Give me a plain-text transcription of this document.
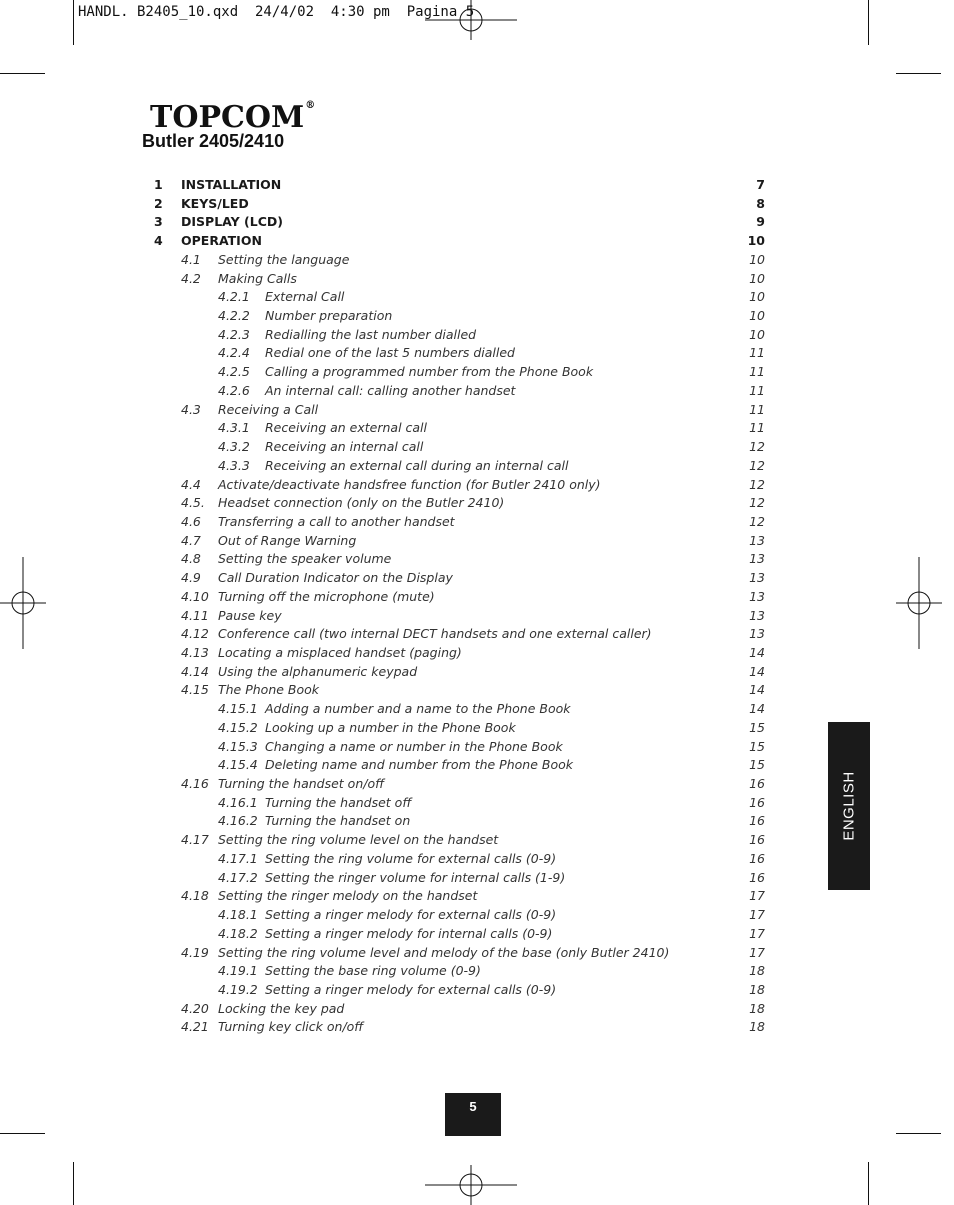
HANDL. B2405_10.qxd  24/4/02  4:30 pm  Pagina 5
TOPCOM®
Butler 2405/2410
1 INSTALLATION	7
2 KEYS/LED	8
3 DISPLAY (LCD)	9
4 OPERATION	10
4.1 Setting the language	10
4.2 Making Calls	10
4.2.1 External Call	10
4.2.2 Number preparation	10
4.2.3 Redialling the last number dialled	10
4.2.4 Redial one of the last 5 numbers dialled	11
4.2.5 Calling a programmed number from the Phone Book	11
4.2.6 An internal call: calling another handset	11
4.3 Receiving a Call	11
4.3.1 Receiving an external call	11
4.3.2 Receiving an internal call	12
4.3.3 Receiving an external call during an internal call	12
4.4 Activate/deactivate handsfree function (for Butler 2410 only)	12
4.5. Headset connection (only on the Butler 2410)	12
4.6 Transferring a call to another handset	12
4.7 Out of Range Warning	13
4.8 Setting the speaker volume	13
4.9 Call Duration Indicator on the Display	13
4.10 Turning off the microphone (mute)	13
4.11 Pause key	13
4.12 Conference call (two internal DECT handsets and one external caller)	13
4.13 Locating a misplaced handset (paging)	14
4.14 Using the alphanumeric keypad	14
4.15 The Phone Book	14
4.15.1 Adding a number and a name to the Phone Book	14
4.15.2 Looking up a number in the Phone Book	15
4.15.3 Changing a name or number in the Phone Book	15
4.15.4 Deleting name and number from the Phone Book	15
4.16 Turning the handset on/off	16
4.16.1 Turning the handset off	16
4.16.2 Turning the handset on	16
4.17 Setting the ring volume level on the handset	16
4.17.1 Setting the ring volume for external calls (0-9)	16
4.17.2 Setting the ringer volume for internal calls (1-9)	16
4.18 Setting the ringer melody on the handset	17
4.18.1 Setting a ringer melody for external calls (0-9)	17
4.18.2 Setting a ringer melody for internal calls (0-9)	17
4.19 Setting the ring volume level and melody of the base (only Butler 2410)	17
4.19.1 Setting the base ring volume (0-9)	18
4.19.2 Setting a ringer melody for external calls (0-9)	18
4.20 Locking the key pad	18
4.21 Turning key click on/off	18
ENGLISH
5
